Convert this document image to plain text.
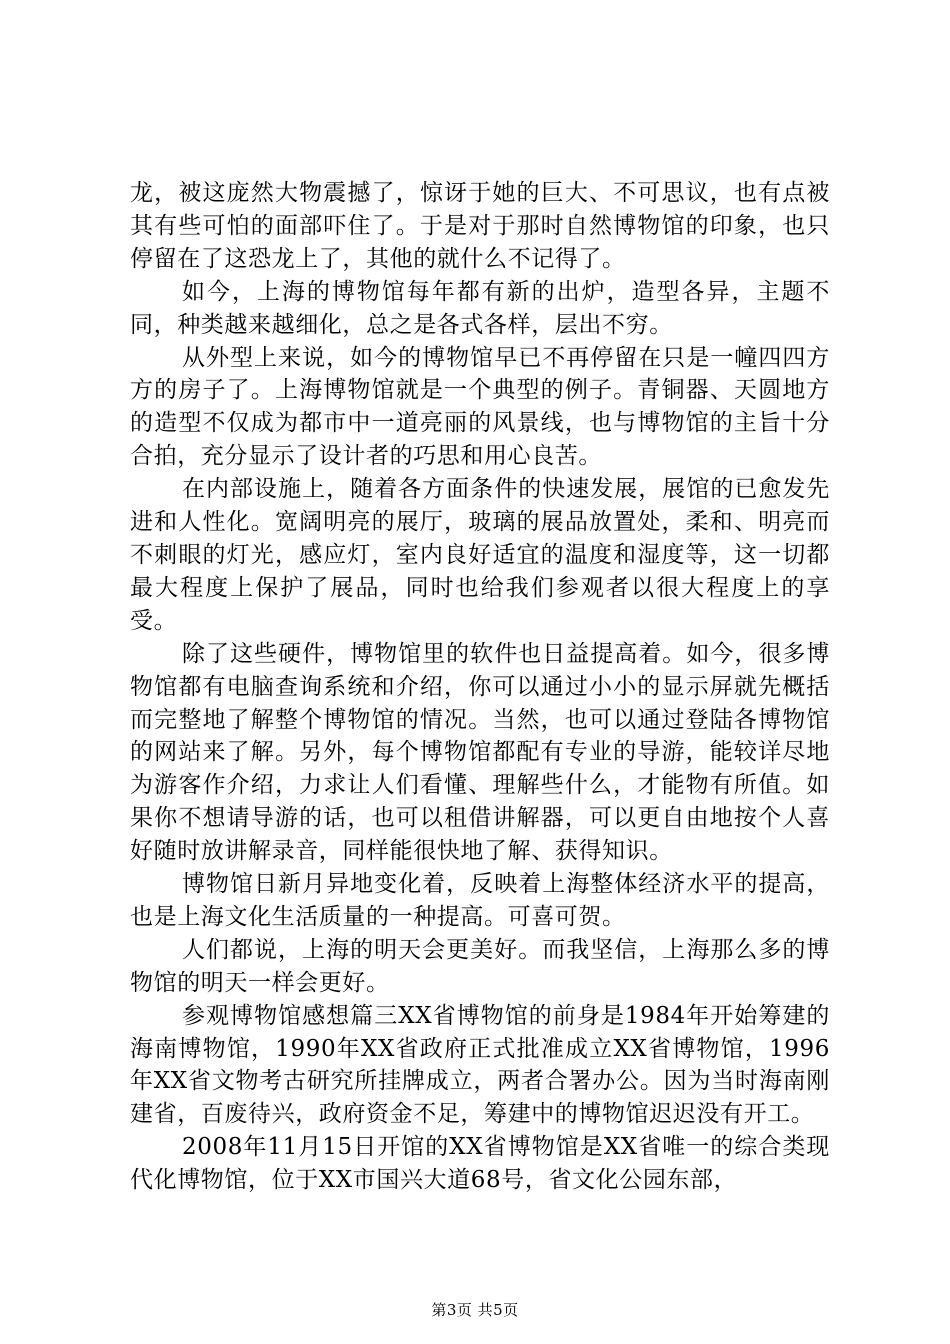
龙，被这庞然大物震撼了，惊讶于她的巨大、不可思议，也有点被其有些可怕的面部吓住了。于是对于那时自然博物馆的印象，也只停留在了这恐龙上了，其他的就什么不记得了。

如今，上海的博物馆每年都有新的出炉，造型各异，主题不同，种类越来越细化，总之是各式各样，层出不穷。

从外型上来说，如今的博物馆早已不再停留在只是一幢四四方方的房子了。上海博物馆就是一个典型的例子。青铜器、天圆地方的造型不仅成为都市中一道亮丽的风景线，也与博物馆的主旨十分合拍，充分显示了设计者的巧思和用心良苦。

在内部设施上，随着各方面条件的快速发展，展馆的已愈发先进和人性化。宽阔明亮的展厅，玻璃的展品放置处，柔和、明亮而不刺眼的灯光，感应灯，室内良好适宜的温度和湿度等，这一切都最大程度上保护了展品，同时也给我们参观者以很大程度上的享受。

除了这些硬件，博物馆里的软件也日益提高着。如今，很多博物馆都有电脑查询系统和介绍，你可以通过小小的显示屏就先概括而完整地了解整个博物馆的情况。当然，也可以通过登陆各博物馆的网站来了解。另外，每个博物馆都配有专业的导游，能较详尽地为游客作介绍，力求让人们看懂、理解些什么，才能物有所值。如果你不想请导游的话，也可以租借讲解器，可以更自由地按个人喜好随时放讲解录音，同样能很快地了解、获得知识。

博物馆日新月异地变化着，反映着上海整体经济水平的提高，也是上海文化生活质量的一种提高。可喜可贺。

人们都说，上海的明天会更美好。而我坚信，上海那么多的博物馆的明天一样会更好。

参观博物馆感想篇三XX省博物馆的前身是1984年开始筹建的海南博物馆，1990年XX省政府正式批准成立XX省博物馆，1996年XX省文物考古研究所挂牌成立，两者合署办公。因为当时海南刚建省，百废待兴，政府资金不足，筹建中的博物馆迟迟没有开工。

2008年11月15日开馆的XX省博物馆是XX省唯一的综合类现代化博物馆，位于XX市国兴大道68号，省文化公园东部，

第3页 共5页
